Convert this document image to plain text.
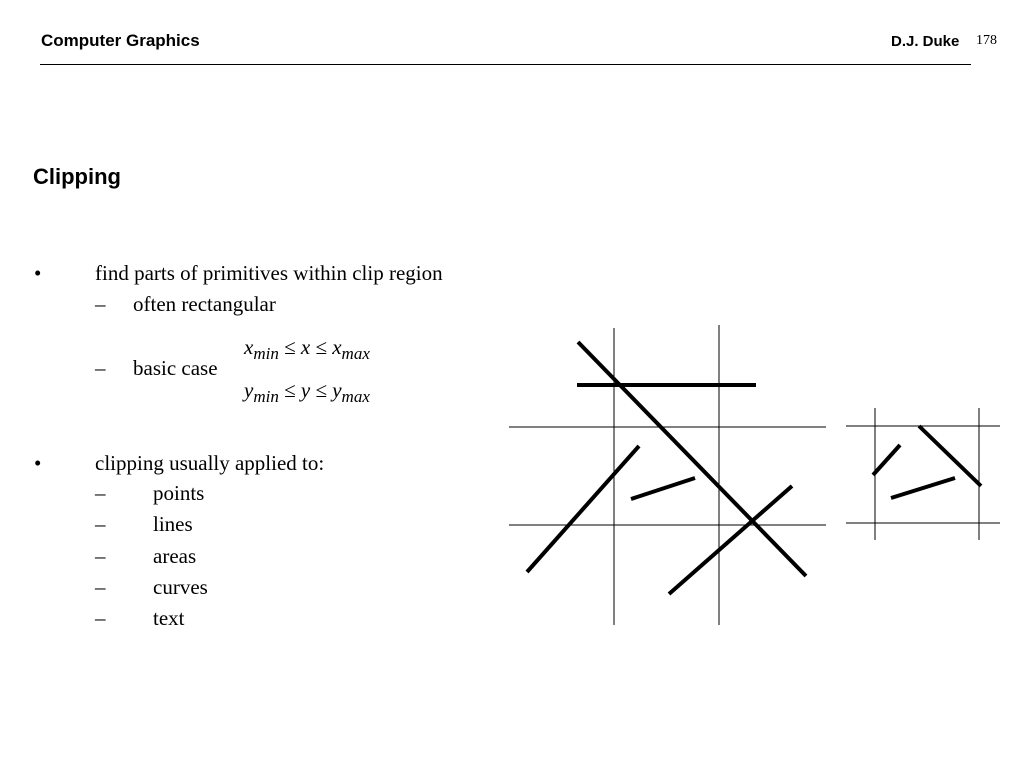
Computer Graphics	D.J. Duke 178
Clipping
•	find parts of primitives within clip region
– often rectangular
– basic case
$x_{min} \le x \le x_{max}$
$y_{min} \le y \le y_{max}$
•	clipping usually applied to:
– points
– lines
– areas
– curves
– text
